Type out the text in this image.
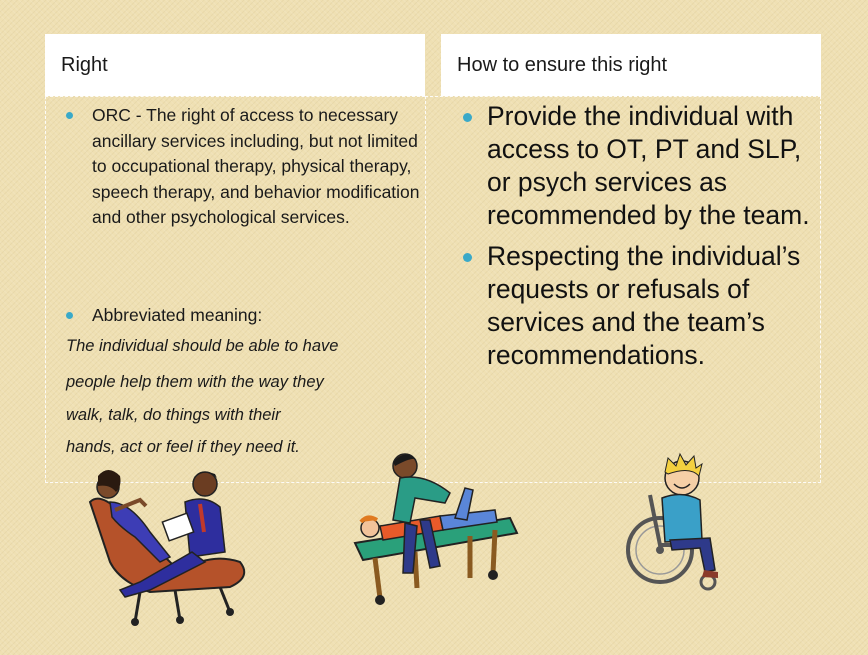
Right	How to ensure this right
ORC - The right of access to necessary ancillary services including, but not limited to occupational therapy, physical therapy, speech therapy, and behavior modification and other psychological services.
Abbreviated meaning:
The individual should be able to have
people help them with the way they
walk, talk, do things with their
hands, act or feel if they need it.
Provide the individual with access to OT, PT and SLP, or psych services as recommended by the team.
Respecting the individual’s requests or refusals of services and the team’s recommendations.
